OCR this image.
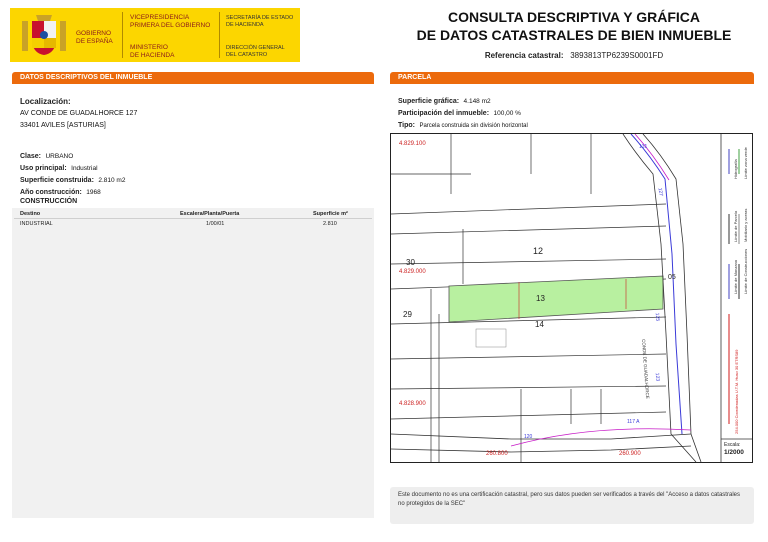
GOBIERNO
DE ESPAÑA
VICEPRESIDENCIA
PRIMERA DEL GOBIERNO
MINISTERIO
DE HACIENDA
SECRETARÍA DE ESTADO
DE HACIENDA
DIRECCIÓN GENERAL
DEL CATASTRO
CONSULTA DESCRIPTIVA Y GRÁFICA
DE DATOS CATASTRALES DE BIEN INMUEBLE
Referencia catastral: 3893813TP6239S0001FD
DATOS DESCRIPTIVOS DEL INMUEBLE
Localización:
AV CONDE DE GUADALHORCE 127
33401 AVILES [ASTURIAS]
Clase: URBANO
Uso principal: Industrial
Superficie construida: 2.810 m2
Año construcción: 1968
CONSTRUCCIÓN
Destino	Escalera/Planta/Puerta	Superficie m²
INDUSTRIAL	1/00/01	2.810
PARCELA
Superficie gráfica: 4.148 m2
Participación del inmueble: 100,00 %
Tipo: Parcela construida sin división horizontal
4.829.100
4.829.000
4.828.900
260.800	260.900
12
13
14
30
29
05
127
125
123
131
117 A
120
CONDE DE GUADALHORCE	254.000 Coordenadas U.T.M. Huso 30 ETRS89
Límite de Manzana Límite de Construcciones
Límite de Parcela Mobiliario y aceras
Hidrografía Límite zona verde
Escala:
1/2000
Este documento no es una certificación catastral, pero sus datos pueden ser verificados a través del "Acceso a datos catastrales no protegidos de la SEC"
